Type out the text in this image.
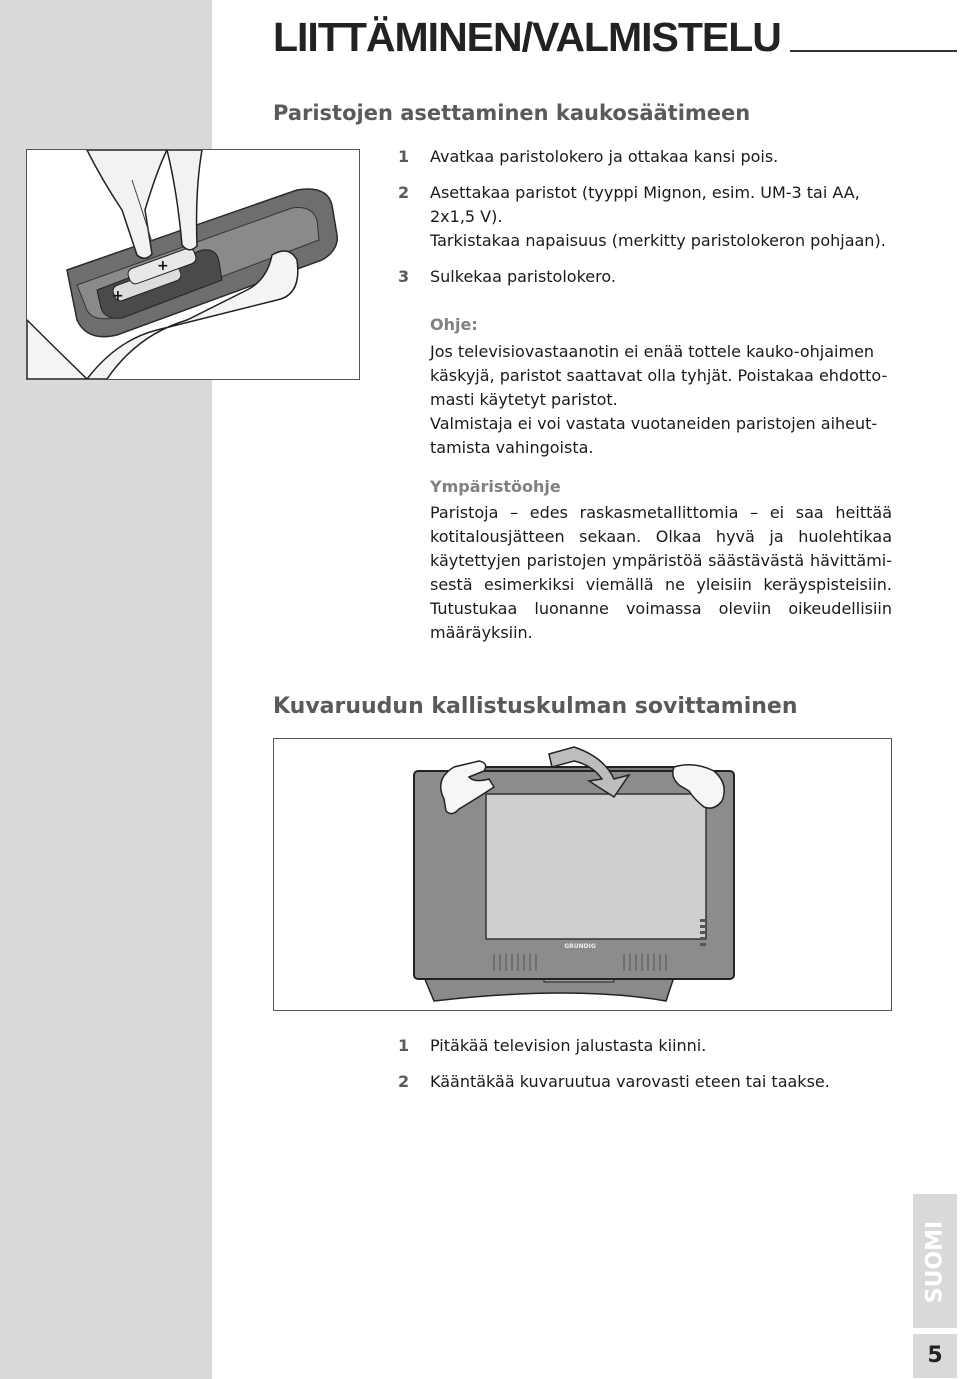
LIITTÄMINEN/VALMISTELU
Paristojen asettaminen kaukosäätimeen
+
+
1 Avatkaa paristolokero ja ottakaa kansi pois.
2 Asettakaa paristot (tyyppi Mignon, esim. UM-3 tai AA,
2x1,5 V).
Tarkistakaa napaisuus (merkitty paristolokeron pohjaan).
3 Sulkekaa paristolokero.
Ohje:
Jos televisiovastaanotin ei enää tottele kauko-ohjaimen
käskyjä, paristot saattavat olla tyhjät. Poistakaa ehdotto-
masti käytetyt paristot.
Valmistaja ei voi vastata vuotaneiden paristojen aiheut-
tamista vahingoista.
Ympäristöohje
Paristoja – edes raskasmetallittomia – ei saa heittää
kotitalousjätteen sekaan. Olkaa hyvä ja huolehtikaa
käytettyjen paristojen ympäristöä säästävästä hävittämi-
sestä esimerkiksi viemällä ne yleisiin keräyspisteisiin.
Tutustukaa luonanne voimassa oleviin oikeudellisiin
määräyksiin.
Kuvaruudun kallistuskulman sovittaminen
GRUNDIG
1 Pitäkää television jalustasta kiinni.
2 Kääntäkää kuvaruutua varovasti eteen tai taakse.
SUOMI
5
